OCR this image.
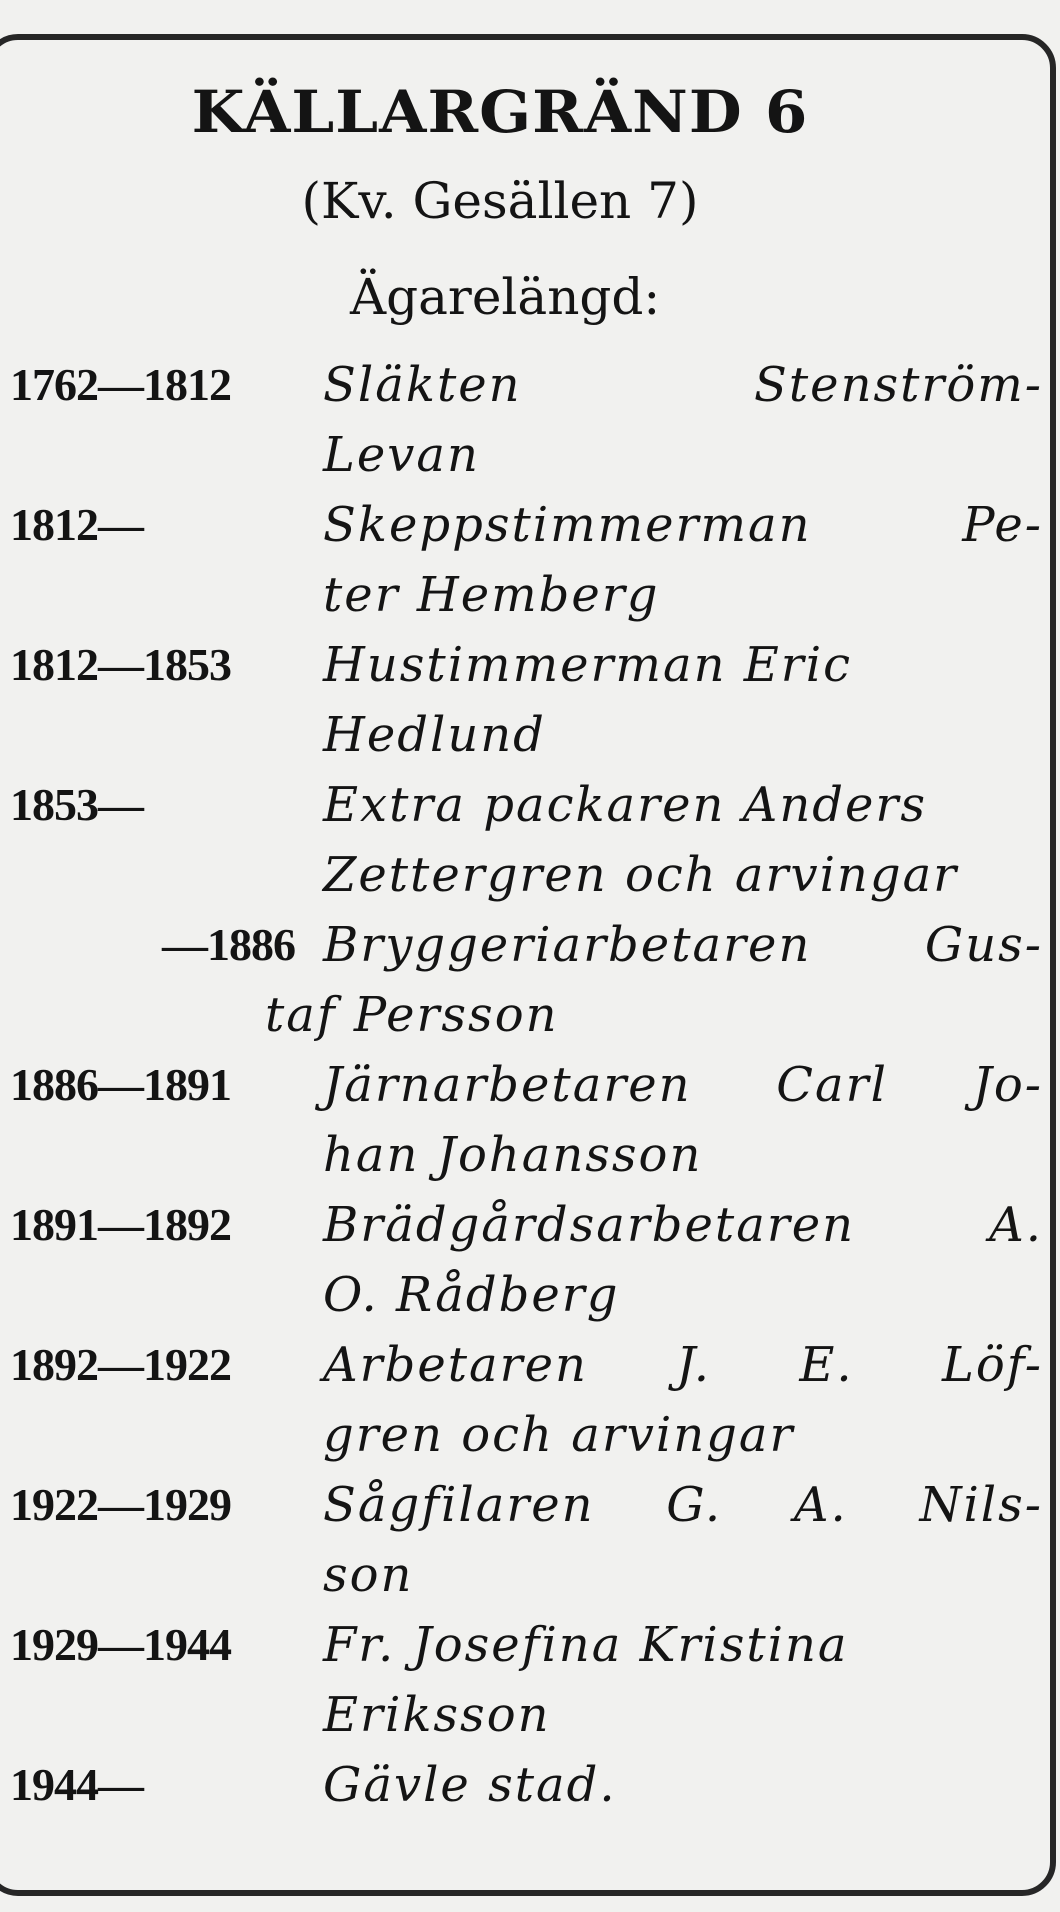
KÄLLARGRÄND 6
(Kv. Gesällen 7)
Ägarelängd:
1762—1812	Släkten Stenström-
Levan
1812—	Skeppstimmerman Pe-
ter Hemberg
1812—1853	Hustimmerman Eric
Hedlund
1853—	Extra packaren Anders
Zettergren och arvingar
—1886 Bryggeriarbetaren Gus-
taf Persson
1886—1891	Järnarbetaren Carl Jo-
han Johansson
1891—1892	Brädgårdsarbetaren A.
O. Rådberg
1892—1922	Arbetaren J. E. Löf-
gren och arvingar
1922—1929	Sågfilaren G. A. Nils-
son
1929—1944	Fr. Josefina Kristina
Eriksson
1944—	Gävle stad.
